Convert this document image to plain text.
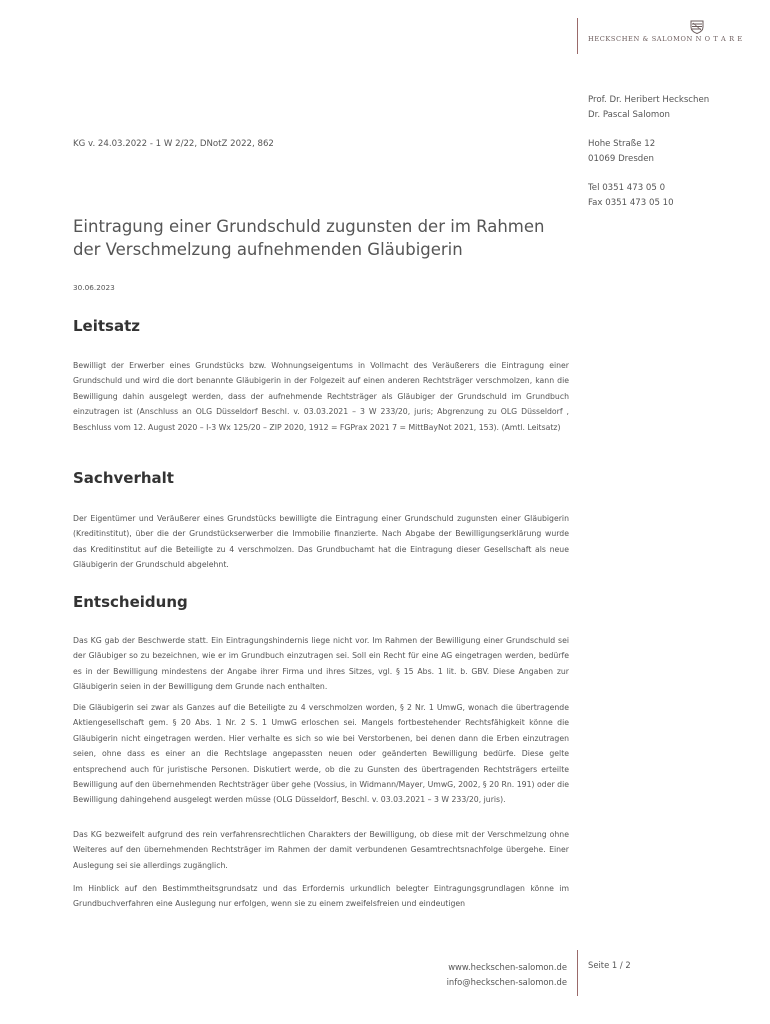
HECKSCHEN & SALOMON N O T A R E
Prof. Dr. Heribert Heckschen
Dr. Pascal Salomon
Hohe Straße 12
01069 Dresden
Tel 0351 473 05 0
Fax 0351 473 05 10
KG v. 24.03.2022 - 1 W 2/22, DNotZ 2022, 862
Eintragung einer Grundschuld zugunsten der im Rahmen der Verschmelzung aufnehmenden Gläubigerin
30.06.2023
Leitsatz

Bewilligt der Erwerber eines Grundstücks bzw. Wohnungseigentums in Vollmacht des Veräußerers die Eintragung einer Grundschuld und wird die dort benannte Gläubigerin in der Folgezeit auf einen anderen Rechtsträger verschmolzen, kann die Bewilligung dahin ausgelegt werden, dass der aufnehmende Rechtsträger als Gläubiger der Grundschuld im Grundbuch einzutragen ist (Anschluss an OLG Düsseldorf Beschl. v. 03.03.2021 – 3 W 233/20, juris; Abgrenzung zu OLG Düsseldorf , Beschluss vom 12. August 2020 – I-3 Wx 125/20 – ZIP 2020, 1912 = FGPrax 2021 7 = MittBayNot 2021, 153). (Amtl. Leitsatz)

Sachverhalt

Der Eigentümer und Veräußerer eines Grundstücks bewilligte die Eintragung einer Grundschuld zugunsten einer Gläubigerin (Kreditinstitut), über die der Grundstückserwerber die Immobilie finanzierte. Nach Abgabe der Bewilligungserklärung wurde das Kreditinstitut auf die Beteiligte zu 4 verschmolzen. Das Grundbuchamt hat die Eintragung dieser Gesellschaft als neue Gläubigerin der Grundschuld abgelehnt.

Entscheidung

Das KG gab der Beschwerde statt. Ein Eintragungshindernis liege nicht vor. Im Rahmen der Bewilligung einer Grundschuld sei der Gläubiger so zu bezeichnen, wie er im Grundbuch einzutragen sei. Soll ein Recht für eine AG eingetragen werden, bedürfe es in der Bewilligung mindestens der Angabe ihrer Firma und ihres Sitzes, vgl. § 15 Abs. 1 lit. b. GBV. Diese Angaben zur Gläubigerin seien in der Bewilligung dem Grunde nach enthalten.

Die Gläubigerin sei zwar als Ganzes auf die Beteiligte zu 4 verschmolzen worden, § 2 Nr. 1 UmwG, wonach die übertragende Aktiengesellschaft gem. § 20 Abs. 1 Nr. 2 S. 1 UmwG erloschen sei. Mangels fortbestehender Rechtsfähigkeit könne die Gläubigerin nicht eingetragen werden. Hier verhalte es sich so wie bei Verstorbenen, bei denen dann die Erben einzutragen seien, ohne dass es einer an die Rechtslage angepassten neuen oder geänderten Bewilligung bedürfe. Diese gelte entsprechend auch für juristische Personen. Diskutiert werde, ob die zu Gunsten des übertragenden Rechtsträgers erteilte Bewilligung auf den übernehmenden Rechtsträger über gehe (Vossius, in Widmann/Mayer, UmwG, 2002, § 20 Rn. 191) oder die Bewilligung dahingehend ausgelegt werden müsse (OLG Düsseldorf, Beschl. v. 03.03.2021 – 3 W 233/20, juris).

Das KG bezweifelt aufgrund des rein verfahrensrechtlichen Charakters der Bewilligung, ob diese mit der Verschmelzung ohne Weiteres auf den übernehmenden Rechtsträger im Rahmen der damit verbundenen Gesamtrechtsnachfolge übergehe. Einer Auslegung sei sie allerdings zugänglich.

Im Hinblick auf den Bestimmtheitsgrundsatz und das Erfordernis urkundlich belegter Eintragungsgrundlagen könne im Grundbuchverfahren eine Auslegung nur erfolgen, wenn sie zu einem zweifelsfreien und eindeutigen

www.heckschen-salomon.de
info@heckschen-salomon.de
Seite 1 / 2
